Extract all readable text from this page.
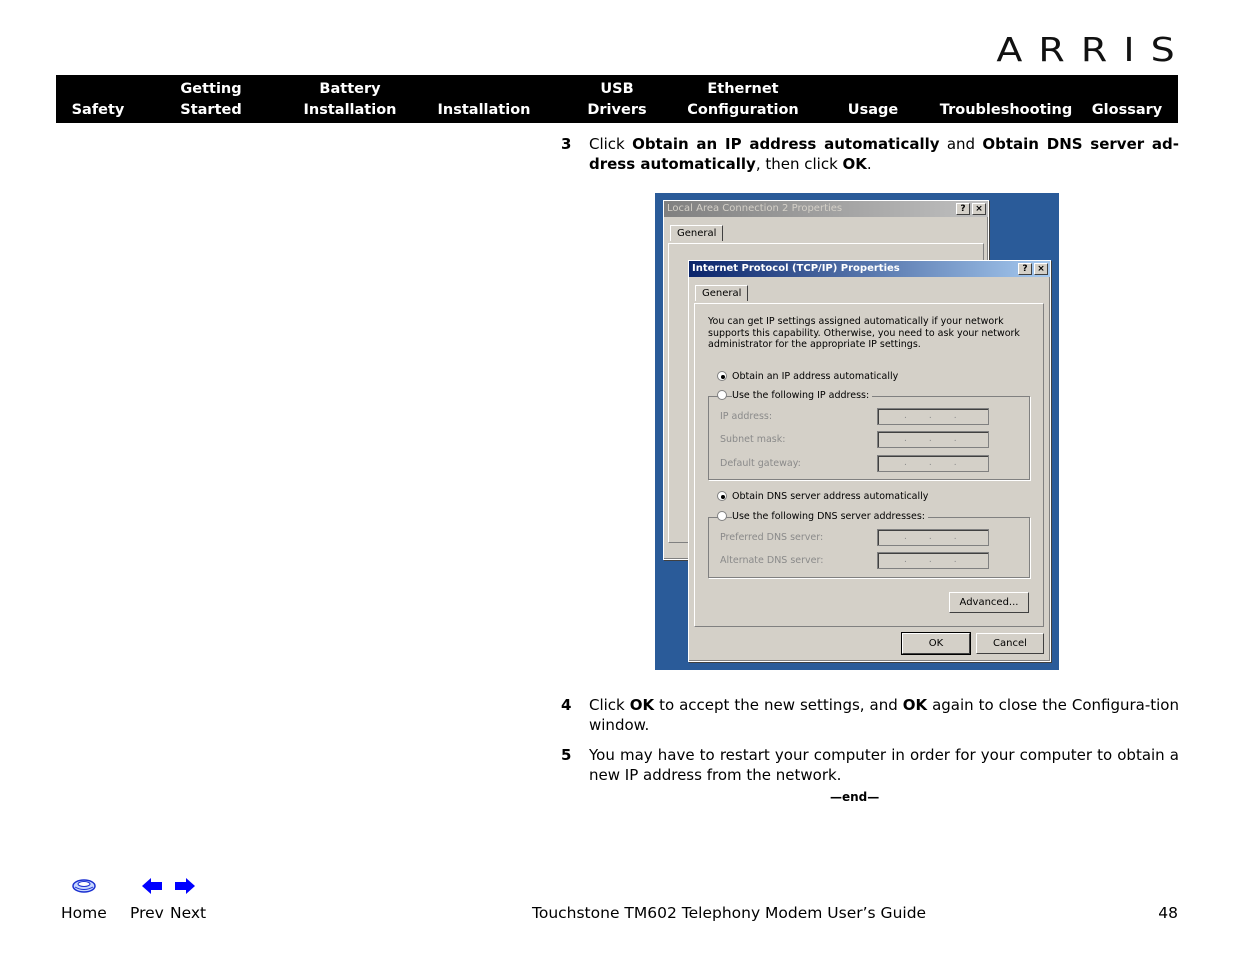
ARRIS

Safety
Getting
Started
Battery
Installation
	Installation
USB
Drivers
Ethernet
Configuration
	Usage
	Troubleshooting
Glossary
3 Click Obtain an IP address automatically and Obtain DNS server ad-dress automatically, then click OK.
Local Area Connection 2 Properties	?	×
General
Internet Protocol (TCP/IP) Properties	?	×
General
You can get IP settings assigned automatically if your network supports this capability. Otherwise, you need to ask your network administrator for the appropriate IP settings.
Obtain an IP address automatically
Use the following IP address:
IP address:	...
Subnet mask:	...
Default gateway:	...
Obtain DNS server address automatically
Use the following DNS server addresses:
Preferred DNS server:	...
Alternate DNS server:	...
Advanced...
OK	Cancel
4 Click OK to accept the new settings, and OK again to close the Configura-tion window.
5 You may have to restart your computer in order for your computer to obtain a new IP address from the network.
—end—
Home Prev Next	Touchstone TM602 Telephony Modem User’s Guide	48
